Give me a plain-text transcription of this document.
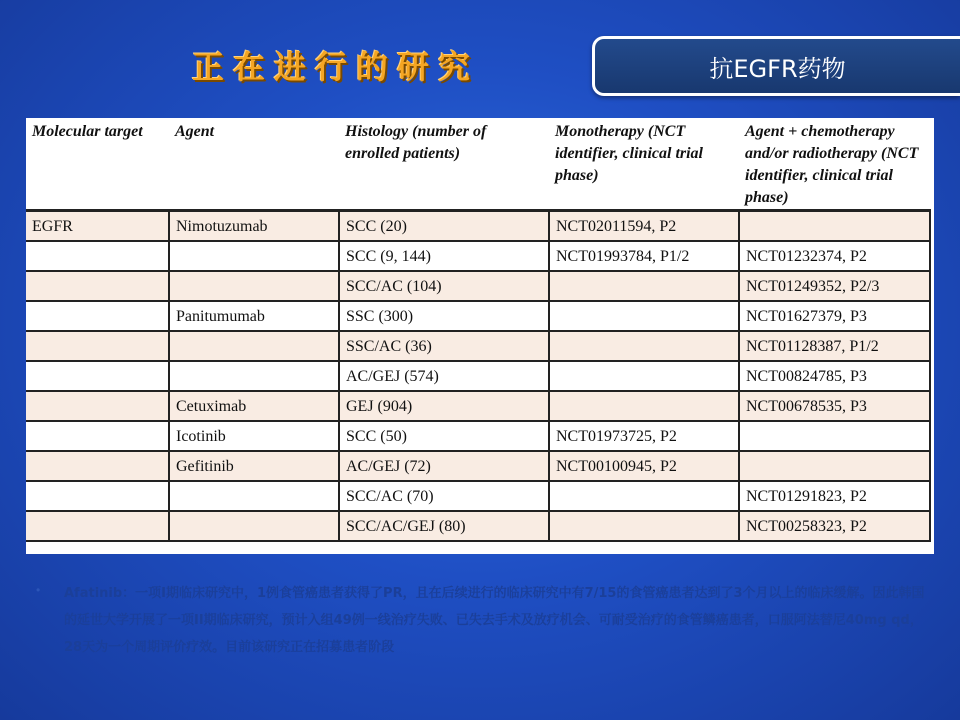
正在进行的研究	抗EGFR药物
Molecular target	Agent	Histology (number of enrolled patients)	Monotherapy (NCT identifier, clinical trial phase)	Agent + chemotherapy and/or radiotherapy (NCT identifier, clinical trial phase)
EGFR	Nimotuzumab	SCC (20)	NCT02011594, P2	
		SCC (9, 144)	NCT01993784, P1/2	NCT01232374, P2
		SCC/AC (104)		NCT01249352, P2/3
	Panitumumab	SSC (300)		NCT01627379, P3
		SSC/AC (36)		NCT01128387, P1/2
		AC/GEJ (574)		NCT00824785, P3
	Cetuximab	GEJ (904)		NCT00678535, P3
	Icotinib	SCC (50)	NCT01973725, P2	
	Gefitinib	AC/GEJ (72)	NCT00100945, P2	
		SCC/AC (70)		NCT01291823, P2
		SCC/AC/GEJ (80)		NCT00258323, P2
• Afatinib：一项I期临床研究中，1例食管癌患者获得了PR，且在后续进行的临床研究中有7/15的食管癌患者达到了3个月以上的临床缓解。因此韩国的延世大学开展了一项II期临床研究，预计入组49例一线治疗失败、已失去手术及放疗机会、可耐受治疗的食管鳞癌患者，口服阿法替尼40mg qd，28天为一个周期评价疗效。目前该研究正在招募患者阶段
